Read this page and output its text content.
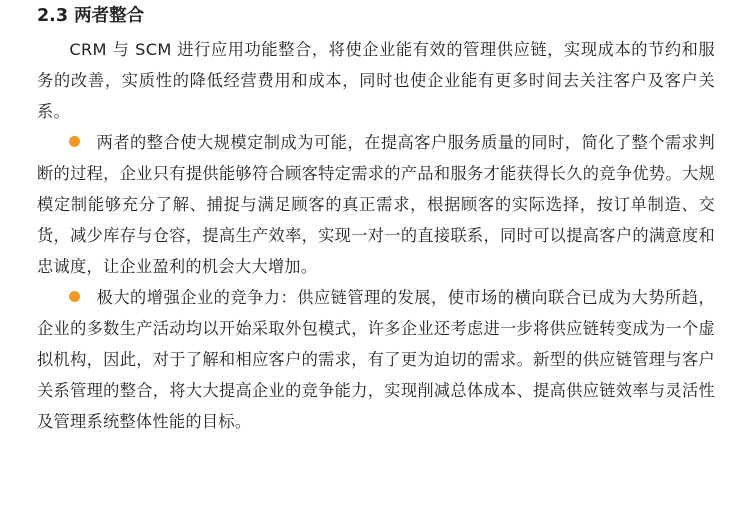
2.3 两者整合

CRM 与 SCM 进行应用功能整合，将使企业能有效的管理供应链，实现成本的节约和服务的改善，实质性的降低经营费用和成本，同时也使企业能有更多时间去关注客户及客户关系。

两者的整合使大规模定制成为可能，在提高客户服务质量的同时，简化了整个需求判断的过程，企业只有提供能够符合顾客特定需求的产品和服务才能获得长久的竞争优势。大规模定制能够充分了解、捕捉与满足顾客的真正需求，根据顾客的实际选择，按订单制造、交货，减少库存与仓容，提高生产效率，实现一对一的直接联系，同时可以提高客户的满意度和忠诚度，让企业盈利的机会大大增加。

极大的增强企业的竞争力：供应链管理的发展，使市场的横向联合已成为大势所趋，企业的多数生产活动均以开始采取外包模式，许多企业还考虑进一步将供应链转变成为一个虚拟机构，因此，对于了解和相应客户的需求，有了更为迫切的需求。新型的供应链管理与客户关系管理的整合，将大大提高企业的竞争能力，实现削减总体成本、提高供应链效率与灵活性及管理系统整体性能的目标。
